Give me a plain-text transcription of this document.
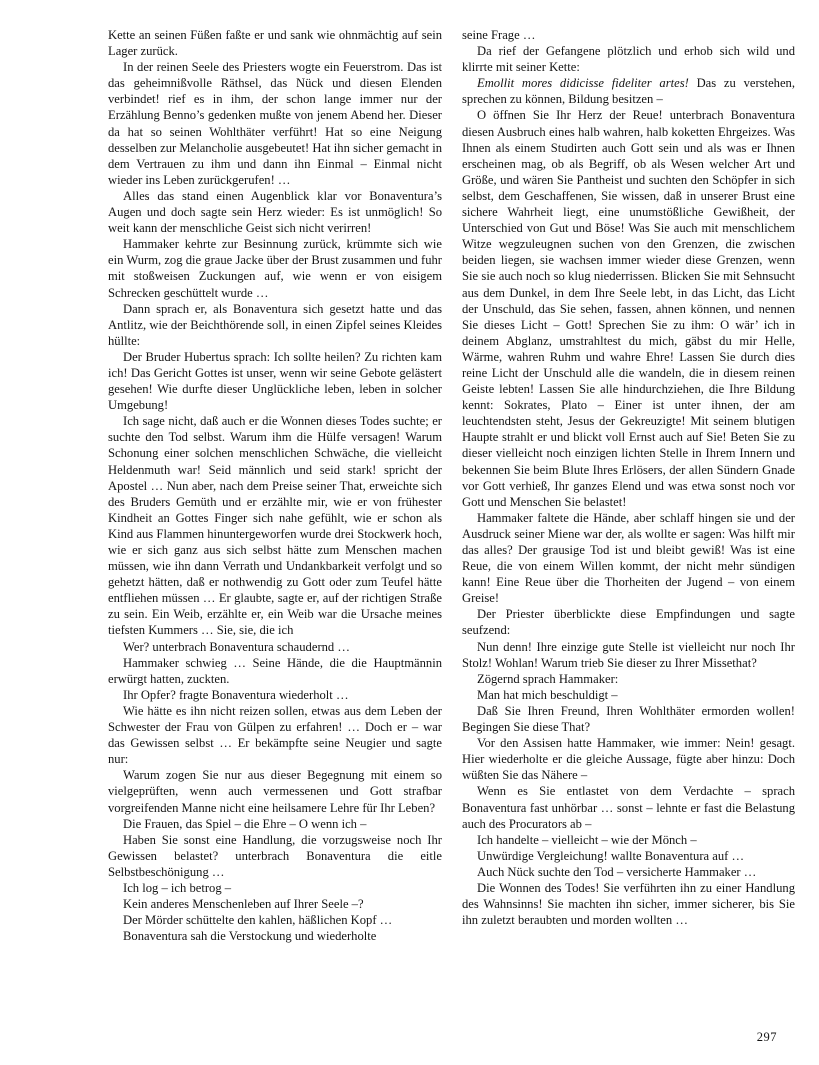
Kette an seinen Füßen faßte er und sank wie ohnmächtig auf sein Lager zurück.

In der reinen Seele des Priesters wogte ein Feuerstrom. Das ist das geheimnißvolle Räthsel, das Nück und diesen Elenden verbindet! rief es in ihm, der schon lange immer nur der Erzählung Benno’s gedenken mußte von jenem Abend her. Dieser da hat so seinen Wohlthäter verführt! Hat so eine Neigung desselben zur Melancholie ausgebeutet! Hat ihn sicher gemacht in dem Vertrauen zu ihm und dann ihn Einmal – Einmal nicht wieder ins Leben zurückgerufen! …

Alles das stand einen Augenblick klar vor Bonaventura’s Augen und doch sagte sein Herz wieder: Es ist unmöglich! So weit kann der menschliche Geist sich nicht verirren!

Hammaker kehrte zur Besinnung zurück, krümmte sich wie ein Wurm, zog die graue Jacke über der Brust zusammen und fuhr mit stoßweisen Zuckungen auf, wie wenn er von eisigem Schrecken geschüttelt wurde …

Dann sprach er, als Bonaventura sich gesetzt hatte und das Antlitz, wie der Beichthörende soll, in einen Zipfel seines Kleides hüllte:

Der Bruder Hubertus sprach: Ich sollte heilen? Zu richten kam ich! Das Gericht Gottes ist unser, wenn wir seine Gebote gelästert gesehen! Wie durfte dieser Unglückliche leben, leben in solcher Umgebung!

Ich sage nicht, daß auch er die Wonnen dieses Todes suchte; er suchte den Tod selbst. Warum ihm die Hülfe versagen! Warum Schonung einer solchen menschlichen Schwäche, die vielleicht Heldenmuth war! Seid männlich und seid stark! spricht der Apostel … Nun aber, nach dem Preise seiner That, erweichte sich des Bruders Gemüth und er erzählte mir, wie er von frühester Kindheit an Gottes Finger sich nahe gefühlt, wie er schon als Kind aus Flammen hinuntergeworfen wurde drei Stockwerk hoch, wie er sich ganz aus sich selbst hätte zum Menschen machen müssen, wie ihn dann Verrath und Undankbarkeit verfolgt und so gehetzt hätten, daß er nothwendig zu Gott oder zum Teufel hätte entfliehen müssen … Er glaubte, sagte er, auf der richtigen Straße zu sein. Ein Weib, erzählte er, ein Weib war die Ursache meines tiefsten Kummers … Sie, sie, die ich

Wer? unterbrach Bonaventura schaudernd …

Hammaker schwieg … Seine Hände, die die Hauptmännin erwürgt hatten, zuckten.

Ihr Opfer? fragte Bonaventura wiederholt …

Wie hätte es ihn nicht reizen sollen, etwas aus dem Leben der Schwester der Frau von Gülpen zu erfahren! … Doch er – war das Gewissen selbst … Er bekämpfte seine Neugier und sagte nur:

Warum zogen Sie nur aus dieser Begegnung mit einem so vielgeprüften, wenn auch vermessenen und Gott strafbar vorgreifenden Manne nicht eine heilsamere Lehre für Ihr Leben?

Die Frauen, das Spiel – die Ehre – O wenn ich –

Haben Sie sonst eine Handlung, die vorzugsweise noch Ihr Gewissen belastet? unterbrach Bonaventura die eitle Selbstbeschönigung …

Ich log – ich betrog –

Kein anderes Menschenleben auf Ihrer Seele –?

Der Mörder schüttelte den kahlen, häßlichen Kopf …

Bonaventura sah die Verstockung und wiederholte

seine Frage …

Da rief der Gefangene plötzlich und erhob sich wild und klirrte mit seiner Kette:

Emollit mores didicisse fideliter artes! Das zu verstehen, sprechen zu können, Bildung besitzen –

O öffnen Sie Ihr Herz der Reue! unterbrach Bonaventura diesen Ausbruch eines halb wahren, halb koketten Ehrgeizes. Was Ihnen als einem Studirten auch Gott sein und als was er Ihnen erscheinen mag, ob als Begriff, ob als Wesen welcher Art und Größe, und wären Sie Pantheist und suchten den Schöpfer in sich selbst, dem Geschaffenen, Sie wissen, daß in unserer Brust eine sichere Wahrheit liegt, eine unumstößliche Gewißheit, der Unterschied von Gut und Böse! Was Sie auch mit menschlichem Witze wegzuleugnen suchen von den Grenzen, die zwischen beiden liegen, sie wachsen immer wieder diese Grenzen, wenn Sie sie auch noch so klug niederrissen. Blicken Sie mit Sehnsucht aus dem Dunkel, in dem Ihre Seele lebt, in das Licht, das Licht der Unschuld, das Sie sehen, fassen, ahnen können, und nennen Sie dieses Licht – Gott! Sprechen Sie zu ihm: O wär’ ich in deinem Abglanz, umstrahltest du mich, gäbst du mir Helle, Wärme, wahren Ruhm und wahre Ehre! Lassen Sie durch dies reine Licht der Unschuld alle die wandeln, die in diesem reinen Geiste lebten! Lassen Sie alle hindurchziehen, die Ihre Bildung kennt: Sokrates, Plato – Einer ist unter ihnen, der am leuchtendsten steht, Jesus der Gekreuzigte! Mit seinem blutigen Haupte strahlt er und blickt voll Ernst auch auf Sie! Beten Sie zu dieser vielleicht noch einzigen lichten Stelle in Ihrem Innern und bekennen Sie beim Blute Ihres Erlösers, der allen Sündern Gnade vor Gott verhieß, Ihr ganzes Elend und was etwa sonst noch vor Gott und Menschen Sie belastet!

Hammaker faltete die Hände, aber schlaff hingen sie und der Ausdruck seiner Miene war der, als wollte er sagen: Was hilft mir das alles? Der grausige Tod ist und bleibt gewiß! Was ist eine Reue, die von einem Willen kommt, der nicht mehr sündigen kann! Eine Reue über die Thorheiten der Jugend – von einem Greise!

Der Priester überblickte diese Empfindungen und sagte seufzend:

Nun denn! Ihre einzige gute Stelle ist vielleicht nur noch Ihr Stolz! Wohlan! Warum trieb Sie dieser zu Ihrer Missethat?

Zögernd sprach Hammaker:

Man hat mich beschuldigt –

Daß Sie Ihren Freund, Ihren Wohlthäter ermorden wollen! Begingen Sie diese That?

Vor den Assisen hatte Hammaker, wie immer: Nein! gesagt. Hier wiederholte er die gleiche Aussage, fügte aber hinzu: Doch wüßten Sie das Nähere –

Wenn es Sie entlastet von dem Verdachte – sprach Bonaventura fast unhörbar … sonst – lehnte er fast die Belastung auch des Procurators ab –

Ich handelte – vielleicht – wie der Mönch –

Unwürdige Vergleichung! wallte Bonaventura auf …

Auch Nück suchte den Tod – versicherte Hammaker …

Die Wonnen des Todes! Sie verführten ihn zu einer Handlung des Wahnsinns! Sie machten ihn sicher, immer sicherer, bis Sie ihn zuletzt beraubten und morden wollten …

297
